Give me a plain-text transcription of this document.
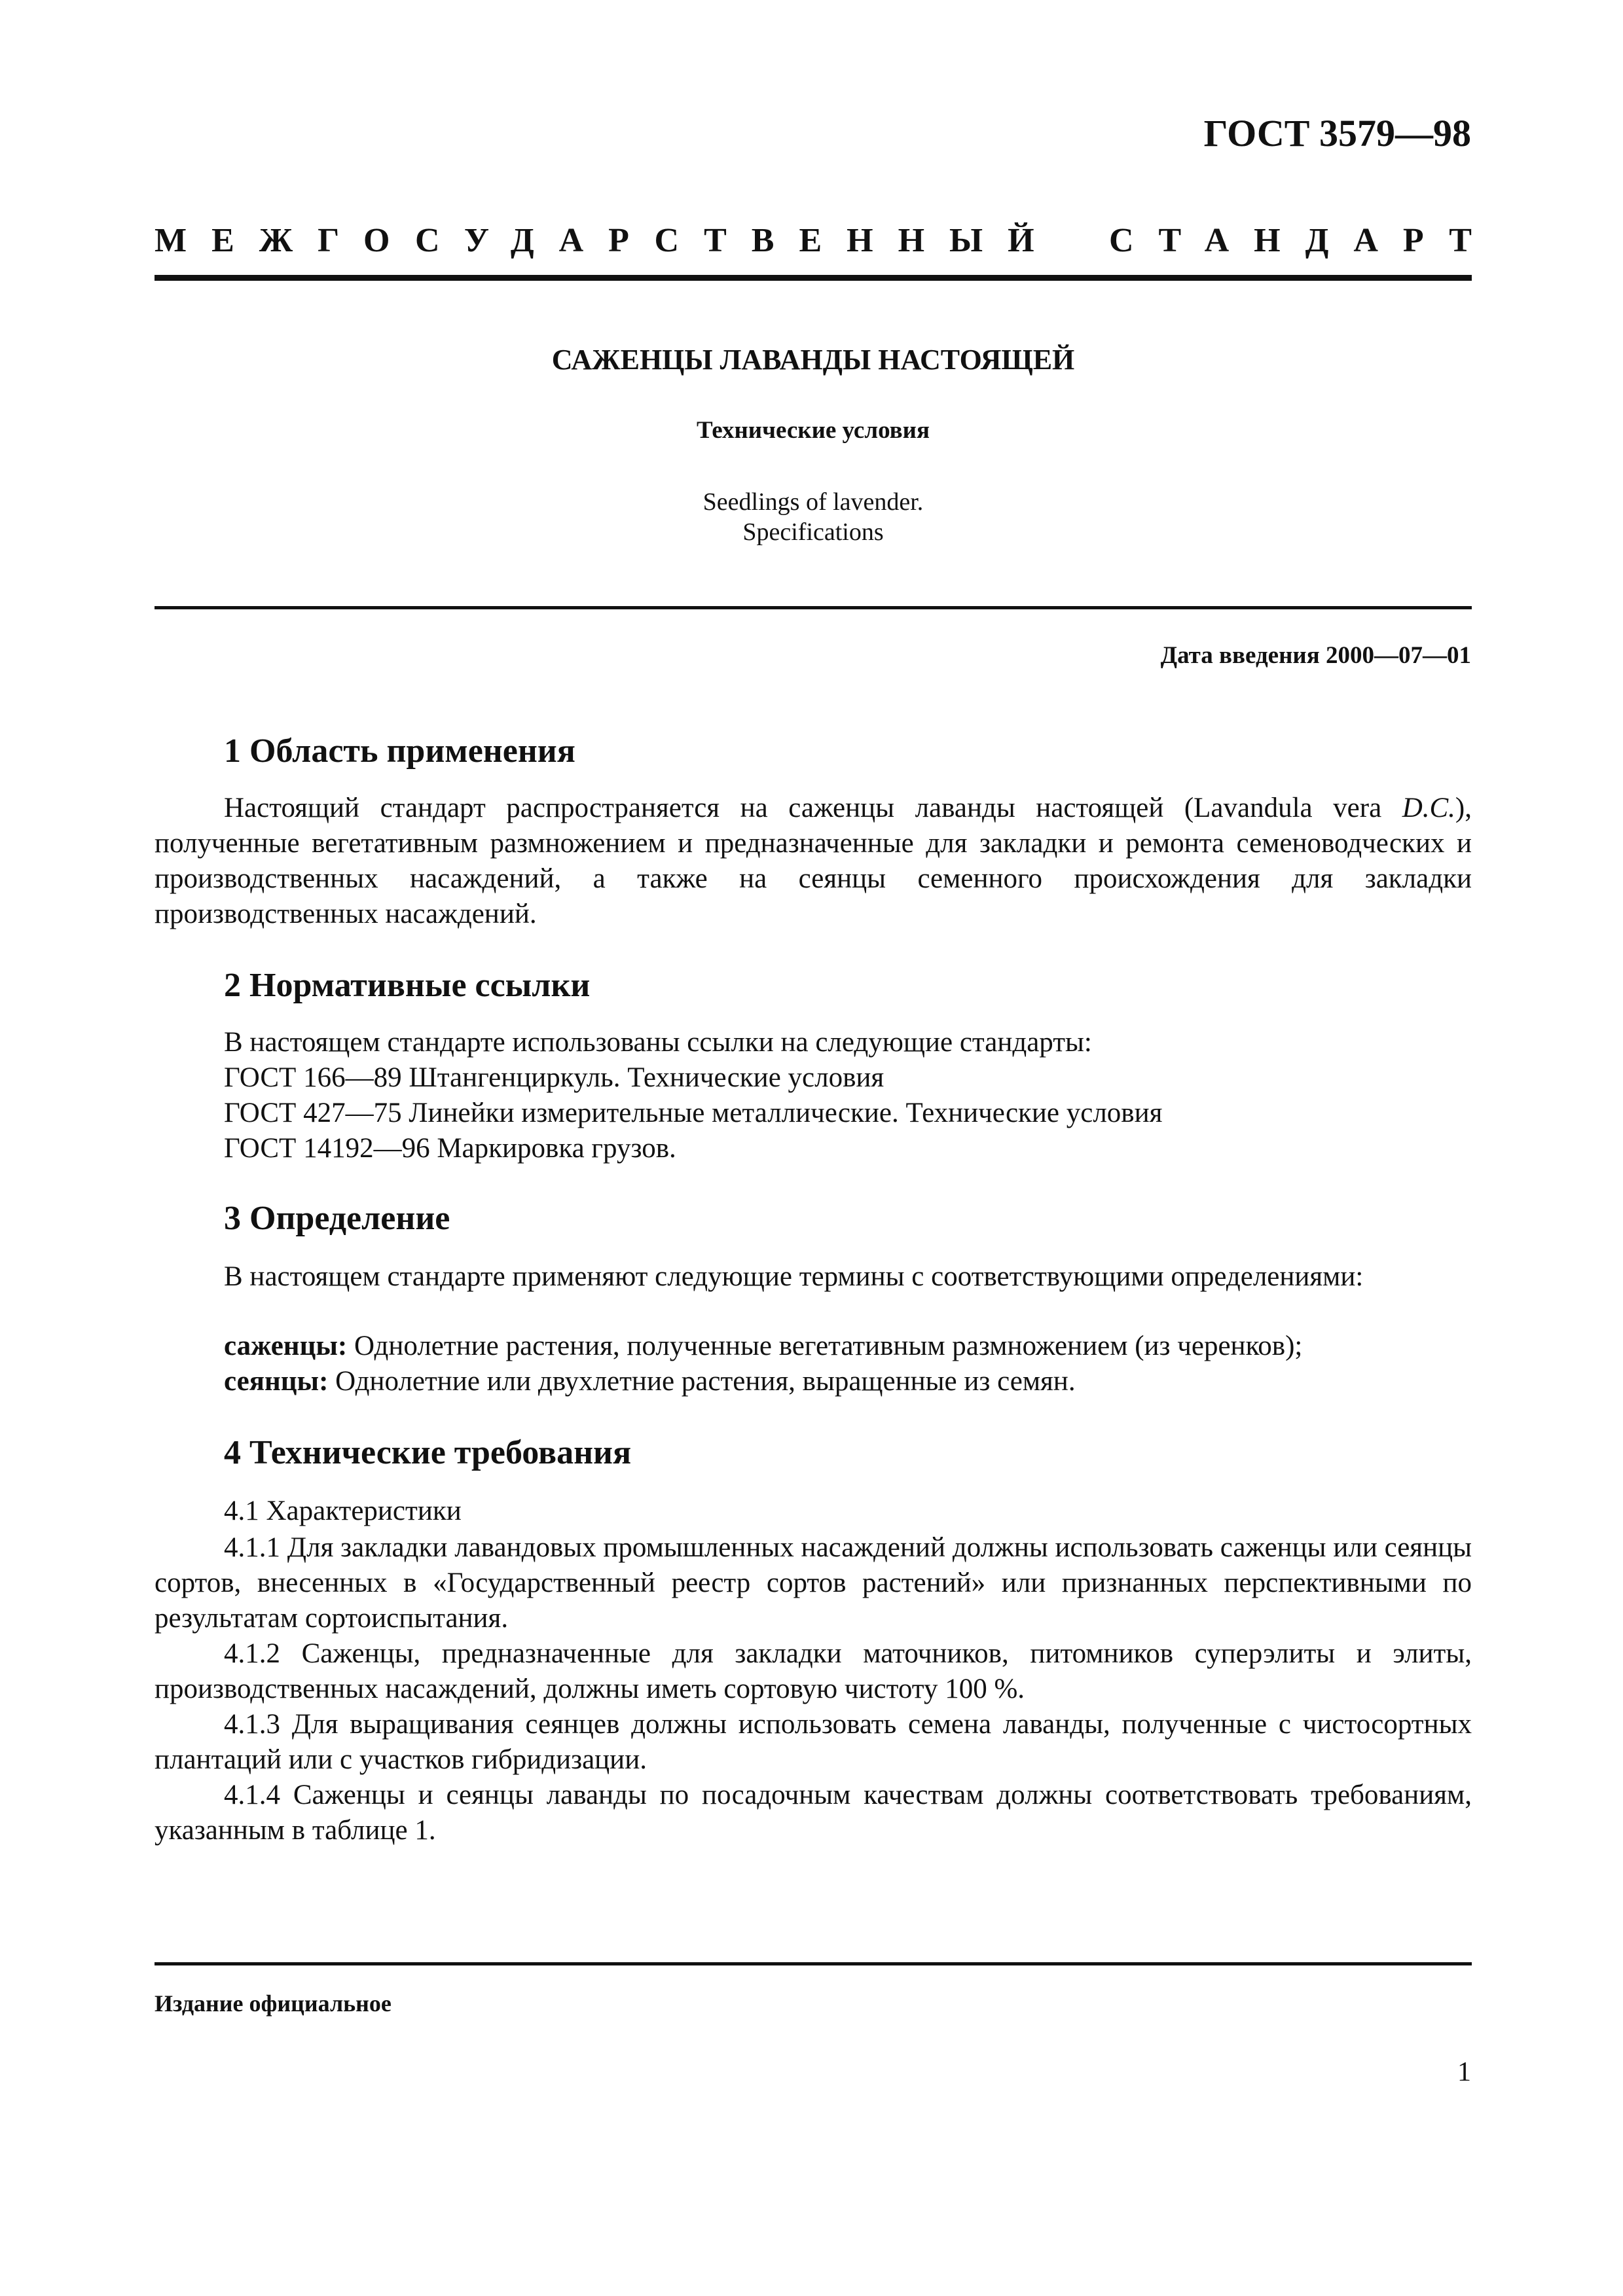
ГОСТ 3579—98
МЕЖГОСУДАРСТВЕННЫЙ СТАНДАРТ
САЖЕНЦЫ ЛАВАНДЫ НАСТОЯЩЕЙ
Технические условия
Seedlings of lavender.
Specifications
Дата введения 2000—07—01
1 Область применения
Настоящий стандарт распространяется на саженцы лаванды настоящей (Lavandula vera D.C.), полученные вегетативным размножением и предназначенные для закладки и ремонта семеноводческих и производственных насаждений, а также на сеянцы семенного происхождения для закладки производственных насаждений.
2 Нормативные ссылки
В настоящем стандарте использованы ссылки на следующие стандарты:
ГОСТ 166—89 Штангенциркуль. Технические условия
ГОСТ 427—75 Линейки измерительные металлические. Технические условия
ГОСТ 14192—96 Маркировка грузов.
3 Определение
В настоящем стандарте применяют следующие термины с соответствующими определениями:
саженцы: Однолетние растения, полученные вегетативным размножением (из черенков);
сеянцы: Однолетние или двухлетние растения, выращенные из семян.
4 Технические требования
4.1 Характеристики
4.1.1 Для закладки лавандовых промышленных насаждений должны использовать саженцы или сеянцы сортов, внесенных в «Государственный реестр сортов растений» или признанных перспективными по результатам сортоиспытания.
4.1.2 Саженцы, предназначенные для закладки маточников, питомников суперэлиты и элиты, производственных насаждений, должны иметь сортовую чистоту 100 %.
4.1.3 Для выращивания сеянцев должны использовать семена лаванды, полученные с чистосортных плантаций или с участков гибридизации.
4.1.4 Саженцы и сеянцы лаванды по посадочным качествам должны соответствовать требованиям, указанным в таблице 1.
Издание официальное
1
